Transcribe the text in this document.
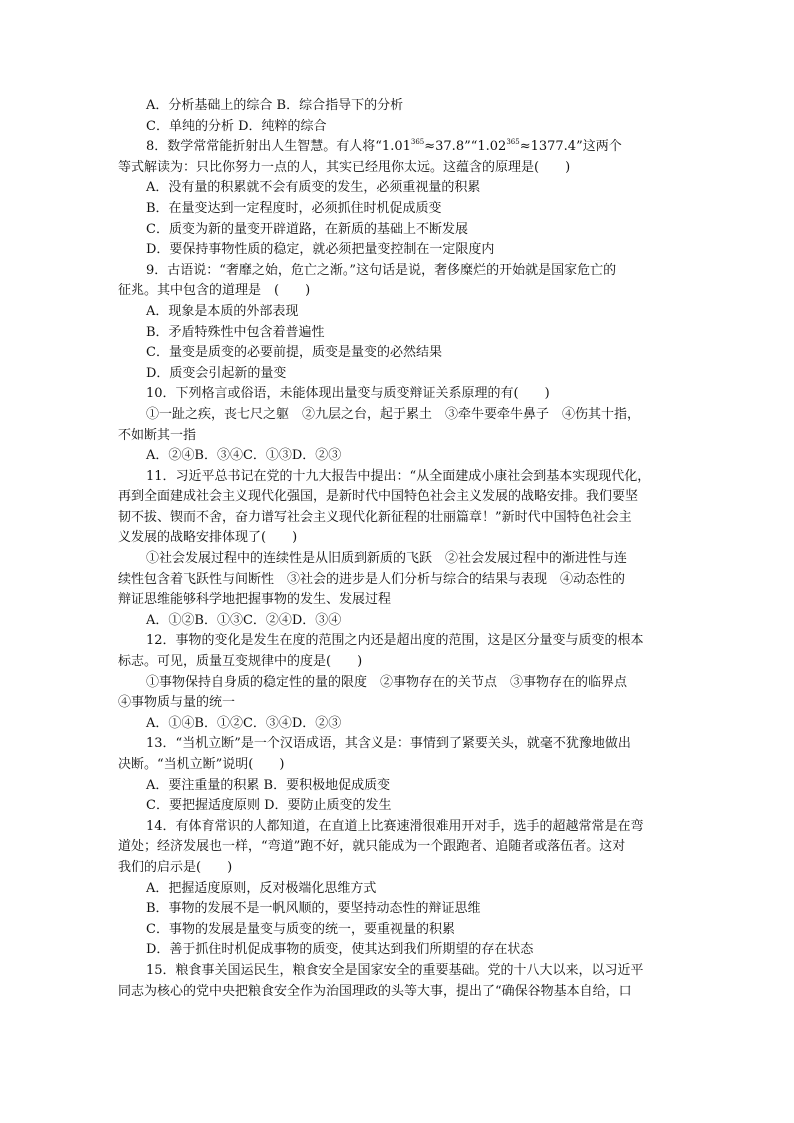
A．分析基础上的综合 B．综合指导下的分析
C．单纯的分析 D．纯粹的综合
8．数学常常能折射出人生智慧。有人将“$1.01^{365}\approx 37.8”“1.02^{365}\approx 1377.4$”这两个
等式解读为：只比你努力一点的人，其实已经甩你太远。这蕴含的原理是(　　)
A．没有量的积累就不会有质变的发生，必须重视量的积累
B．在量变达到一定程度时，必须抓住时机促成质变
C．质变为新的量变开辟道路，在新质的基础上不断发展
D．要保持事物性质的稳定，就必须把量变控制在一定限度内
9．古语说：“奢靡之始，危亡之渐。”这句话是说，奢侈糜烂的开始就是国家危亡的
征兆。其中包含的道理是　(　　)
A．现象是本质的外部表现
B．矛盾特殊性中包含着普遍性
C．量变是质变的必要前提，质变是量变的必然结果
D．质变会引起新的量变
10．下列格言或俗语，未能体现出量变与质变辩证关系原理的有(　　)
①一趾之疾，丧七尺之躯　②九层之台，起于累土　③牵牛要牵牛鼻子　④伤其十指，
不如断其一指
A．②④B．③④C．①③D．②③
11．习近平总书记在党的十九大报告中提出：“从全面建成小康社会到基本实现现代化，
再到全面建成社会主义现代化强国，是新时代中国特色社会主义发展的战略安排。我们要坚
韧不拔、锲而不舍，奋力谱写社会主义现代化新征程的壮丽篇章！”新时代中国特色社会主
义发展的战略安排体现了(　　)
①社会发展过程中的连续性是从旧质到新质的飞跃　②社会发展过程中的渐进性与连
续性包含着飞跃性与间断性　③社会的进步是人们分析与综合的结果与表现　④动态性的
辩证思维能够科学地把握事物的发生、发展过程
A．①②B．①③C．②④D．③④
12．事物的变化是发生在度的范围之内还是超出度的范围，这是区分量变与质变的根本
标志。可见，质量互变规律中的度是(　　)
①事物保持自身质的稳定性的量的限度　②事物存在的关节点　③事物存在的临界点
④事物质与量的统一
A．①④B．①②C．③④D．②③
13．“当机立断”是一个汉语成语，其含义是：事情到了紧要关头，就毫不犹豫地做出
决断。“当机立断”说明(　　)
A．要注重量的积累 B．要积极地促成质变
C．要把握适度原则 D．要防止质变的发生
14．有体育常识的人都知道，在直道上比赛速滑很难用开对手，选手的超越常常是在弯
道处；经济发展也一样，“弯道”跑不好，就只能成为一个跟跑者、追随者或落伍者。这对
我们的启示是(　　)
A．把握适度原则，反对极端化思维方式
B．事物的发展不是一帆风顺的，要坚持动态性的辩证思维
C．事物的发展是量变与质变的统一，要重视量的积累
D．善于抓住时机促成事物的质变，使其达到我们所期望的存在状态
15．粮食事关国运民生，粮食安全是国家安全的重要基础。党的十八大以来，以习近平
同志为核心的党中央把粮食安全作为治国理政的头等大事，提出了“确保谷物基本自给，口
